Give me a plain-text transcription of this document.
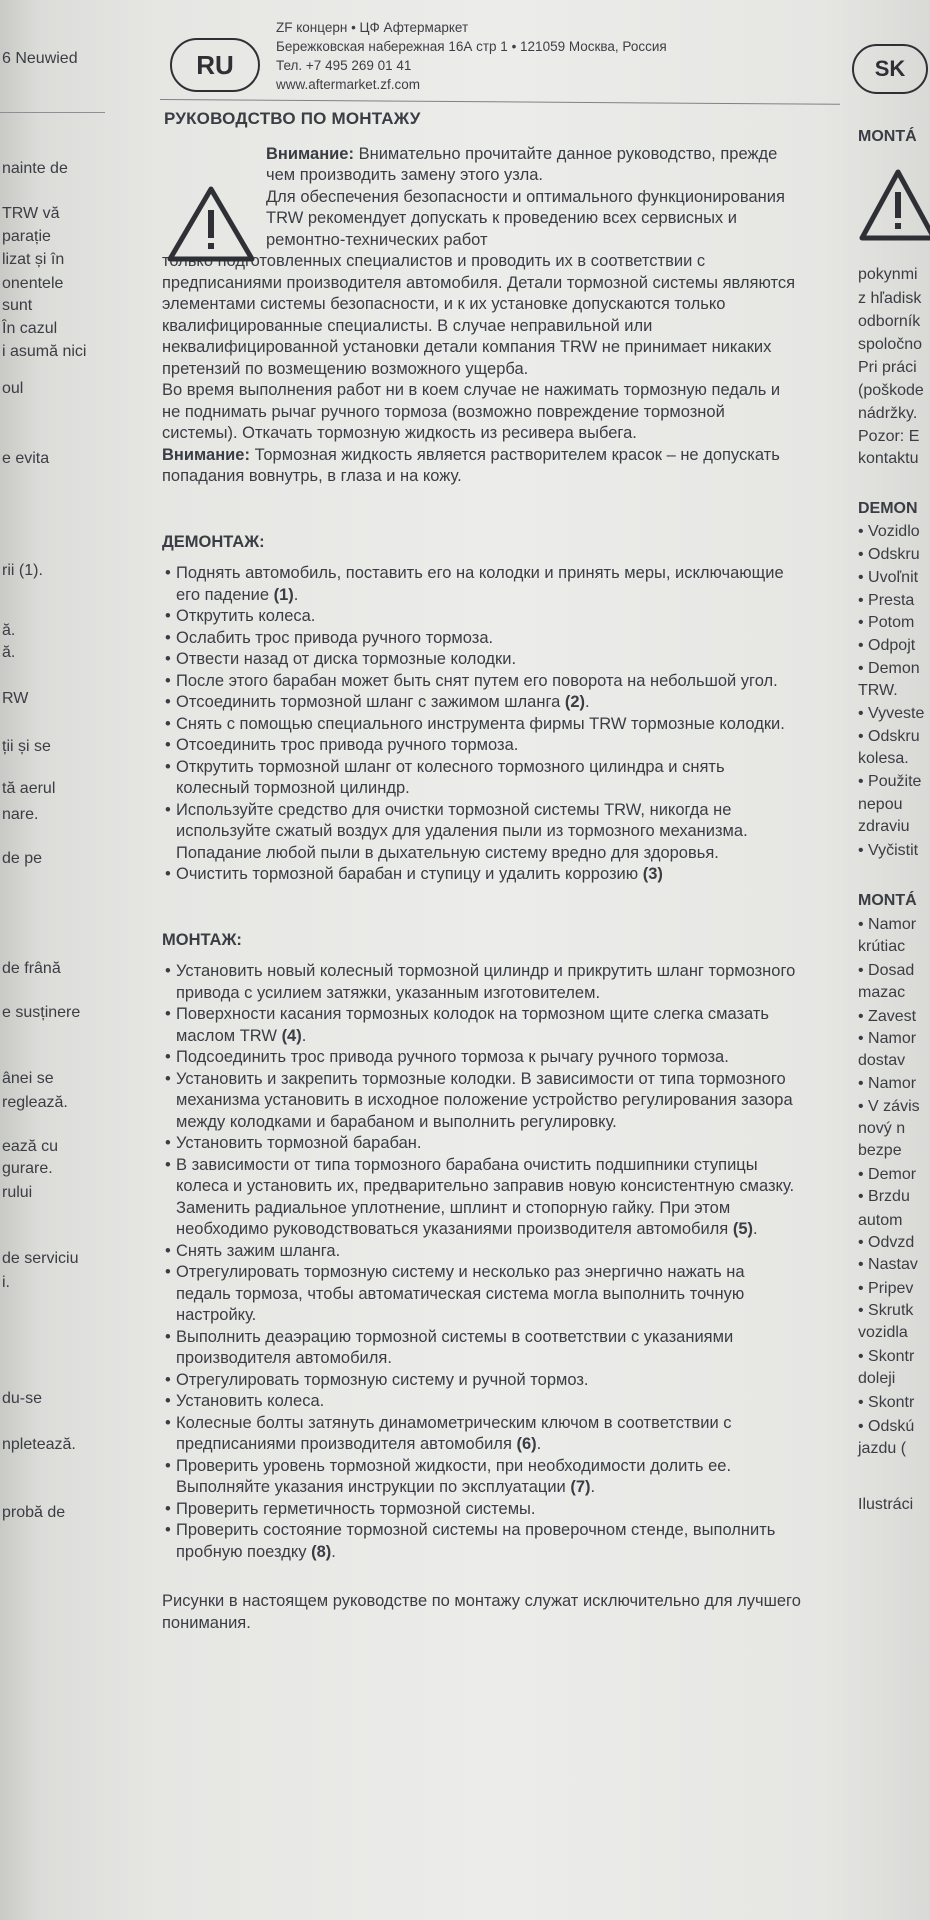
6 Neuwied
nainte de
TRW vă
parație
lizat și în
onentele
sunt
În cazul
i asumă nici
oul
e evita
rii (1).
ă.
ă.
RW
ții și se
tă aerul
nare.
de pe
de frână
e susținere
ânei se
reglează.
ează cu
gurare.
rului
de serviciu
i.
du-se
npletează.
probă de
SK
MONTÁ
pokynmi
z hľadisk
odborník
spoločno
Pri práci
(poškode
nádržky.
Pozor: E
kontaktu
DEMON
• Vozidlo
• Odskru
• Uvoľnit
• Presta
• Potom
• Odpojt
• Demon
TRW.
• Vyveste
• Odskru
kolesa.
• Použite
nepou
zdraviu
• Vyčistit
MONTÁ
• Namor
krútiac
• Dosad
mazac
• Zavest
• Namor
dostav
• Namor
• V závis
nový n
bezpe
• Demor
• Brzdu
autom
• Odvzd
• Nastav
• Pripev
• Skrutk
vozidla
• Skontr
doleji
• Skontr
• Odskú
jazdu (
Ilustráci
RU
ZF концерн • ЦФ Афтермаркет
Бережковская набережная 16А стр 1 • 121059 Москва, Россия
Тел. +7 495 269 01 41
www.aftermarket.zf.com
РУКОВОДСТВО ПО МОНТАЖУ

Внимание: Внимательно прочитайте данное руководство, прежде чем производить замену этого узла.

Для обеспечения безопасности и оптимального функционирования TRW рекомендует допускать к проведению всех сервисных и ремонтно-технических работ

только подготовленных специалистов и проводить их в соответствии с предписаниями производителя автомобиля. Детали тормозной системы являются элементами системы безопасности, и к их установке допускаются только квалифицированные специалисты. В случае неправильной или неквалифицированной установки детали компания TRW не принимает никаких претензий по возмещению возможного ущерба.

Во время выполнения работ ни в коем случае не нажимать тормозную педаль и не поднимать рычаг ручного тормоза (возможно повреждение тормозной системы). Откачать тормозную жидкость из ресивера выбега.

Внимание: Тормозная жидкость является растворителем красок – не допускать попадания вовнутрь, в глаза и на кожу.

ДЕМОНТАЖ:
• Поднять автомобиль, поставить его на колодки и принять меры, исключающие его падение (1).
• Открутить колеса.
• Ослабить трос привода ручного тормоза.
• Отвести назад от диска тормозные колодки.
• После этого барабан может быть снят путем его поворота на небольшой угол.
• Отсоединить тормозной шланг с зажимом шланга (2).
• Снять с помощью специального инструмента фирмы TRW тормозные колодки.
• Отсоединить трос привода ручного тормоза.
• Открутить тормозной шланг от колесного тормозного цилиндра и снять колесный тормозной цилиндр.
• Используйте средство для очистки тормозной системы TRW, никогда не используйте сжатый воздух для удаления пыли из тормозного механизма. Попадание любой пыли в дыхательную систему вредно для здоровья.
• Очистить тормозной барабан и ступицу и удалить коррозию (3)
МОНТАЖ:
• Установить новый колесный тормозной цилиндр и прикрутить шланг тормозного привода с усилием затяжки, указанным изготовителем.
• Поверхности касания тормозных колодок на тормозном щите слегка смазать маслом TRW (4).
• Подсоединить трос привода ручного тормоза к рычагу ручного тормоза.
• Установить и закрепить тормозные колодки. В зависимости от типа тормозного механизма установить в исходное положение устройство регулирования зазора между колодками и барабаном и выполнить регулировку.
• Установить тормозной барабан.
• В зависимости от типа тормозного барабана очистить подшипники ступицы колеса и установить их, предварительно заправив новую консистентную смазку. Заменить радиальное уплотнение, шплинт и стопорную гайку. При этом необходимо руководствоваться указаниями производителя автомобиля (5).
• Снять зажим шланга.
• Отрегулировать тормозную систему и несколько раз энергично нажать на педаль тормоза, чтобы автоматическая система могла выполнить точную настройку.
• Выполнить деаэрацию тормозной системы в соответствии с указаниями производителя автомобиля.
• Отрегулировать тормозную систему и ручной тормоз.
• Установить колеса.
• Колесные болты затянуть динамометрическим ключом в соответствии с предписаниями производителя автомобиля (6).
• Проверить уровень тормозной жидкости, при необходимости долить ее. Выполняйте указания инструкции по эксплуатации (7).
• Проверить герметичность тормозной системы.
• Проверить состояние тормозной системы на проверочном стенде, выполнить пробную поездку (8).

Рисунки в настоящем руководстве по монтажу служат исключительно для лучшего понимания.
